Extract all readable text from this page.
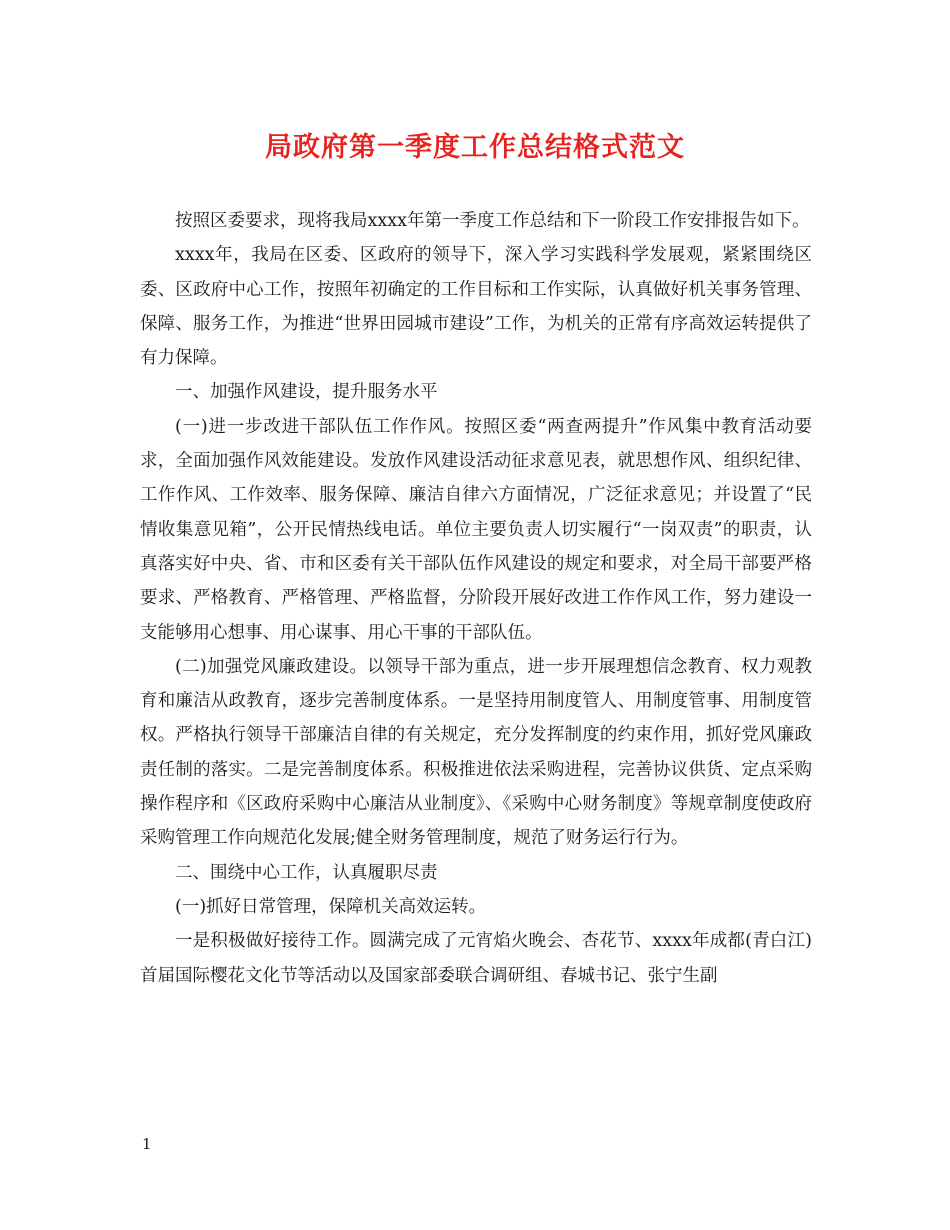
局政府第一季度工作总结格式范文

按照区委要求，现将我局xxxx年第一季度工作总结和下一阶段工作安排报告如下。

xxxx年，我局在区委、区政府的领导下，深入学习实践科学发展观，紧紧围绕区委、区政府中心工作，按照年初确定的工作目标和工作实际，认真做好机关事务管理、保障、服务工作，为推进“世界田园城市建设”工作，为机关的正常有序高效运转提供了有力保障。

一、加强作风建设，提升服务水平

(一)进一步改进干部队伍工作作风。按照区委“两查两提升”作风集中教育活动要求，全面加强作风效能建设。发放作风建设活动征求意见表，就思想作风、组织纪律、工作作风、工作效率、服务保障、廉洁自律六方面情况，广泛征求意见；并设置了“民情收集意见箱”，公开民情热线电话。单位主要负责人切实履行“一岗双责”的职责，认真落实好中央、省、市和区委有关干部队伍作风建设的规定和要求，对全局干部要严格要求、严格教育、严格管理、严格监督，分阶段开展好改进工作作风工作，努力建设一支能够用心想事、用心谋事、用心干事的干部队伍。

(二)加强党风廉政建设。以领导干部为重点，进一步开展理想信念教育、权力观教育和廉洁从政教育，逐步完善制度体系。一是坚持用制度管人、用制度管事、用制度管权。严格执行领导干部廉洁自律的有关规定，充分发挥制度的约束作用，抓好党风廉政责任制的落实。二是完善制度体系。积极推进依法采购进程，完善协议供货、定点采购操作程序和《区政府采购中心廉洁从业制度》、《采购中心财务制度》等规章制度使政府采购管理工作向规范化发展;健全财务管理制度，规范了财务运行行为。

二、围绕中心工作，认真履职尽责

(一)抓好日常管理，保障机关高效运转。

一是积极做好接待工作。圆满完成了元宵焰火晚会、杏花节、xxxx年成都(青白江)首届国际樱花文化节等活动以及国家部委联合调研组、春城书记、张宁生副

1
